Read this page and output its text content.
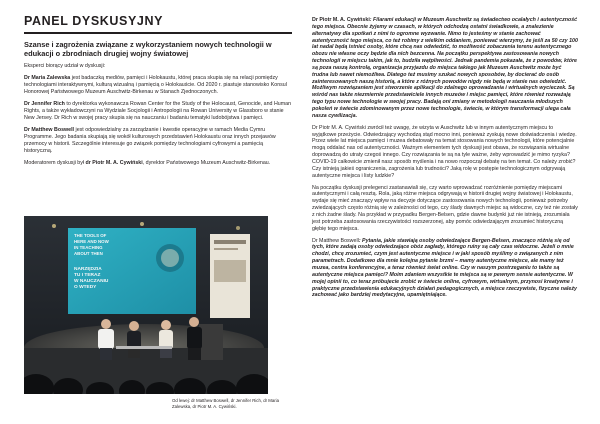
PANEL DYSKUSYJNY

Szanse i zagrożenia związane z wykorzystaniem nowych technologii w edukacji o zbrodniach drugiej wojny światowej

Eksperci biorący udział w dyskusji:

Dr Maria Zalewska jest badaczką mediów, pamięci i Holokaustu, której praca skupia się na relacji pomiędzy technologiami interaktywnymi, kulturą wizualną i pamięcią o Holokauście. Od 2020 r. piastuje stanowisko Konsul Honorowej Państwowego Muzeum Auschwitz-Birkenau w Stanach Zjednoczonych.

Dr Jennifer Rich to dyrektorka wykonawcza Rowan Center for the Study of the Holocaust, Genocide, and Human Rights, a także wykładowczyni na Wydziale Socjologii i Antropologii na Rowan University w Glassboro w stanie New Jersey. Dr Rich w swojej pracy skupia się na nauczaniu i badaniu tematyki ludobójstwa i pamięci.

Dr Matthew Boswell jest odpowiedzialny za zarządzanie i kwestie operacyjne w ramach Media Cymru Programme. Jego badania skupiają się wokół kulturowych przedstawień Holokaustu oraz innych przejawów przemocy w historii. Szczególnie interesuje go związek pomiędzy technologiami cyfrowymi a pamięcią historyczną.

Moderatorem dyskusji był dr Piotr M. A. Cywiński, dyrektor Państwowego Muzeum Auschwitz-Birkenau.

THE TOOLS OF
HERE AND NOW
IN TEACHING
ABOUT THEN
NARZĘDZIA
TU I TERAZ
W NAUCZANIU
O WTEDY
Od lewej: dr Matthew Boswell, dr Jennifer Rich, dr Maria Zalewska, dr Piotr M. A. Cywiński.

Dr Piotr M. A. Cywiński: Filarami edukacji w Muzeum Auschwitz są świadectwo ocalałych i autentyczność tego miejsca. Obecnie żyjemy w czasach, w których odchodzą ostatni świadkowie, a znalezienie alternatywy dla spotkań z nimi to ogromne wyzwanie. Nimo to jesteśmy w stanie zachować autentyczność tego miejsca, co też robimy z wielkim oddaniem, poniewać wierzymy, że jeśli za 50 czy 100 lat nadal będą istnieć osoby, które chcą nas odwiedzić, to możliwość zobaczenia terenu autentycznego obozu nie własne oczy będzie dla nich bezcenna. Na początku perspektywa zastosowania nowych technologii w miejscu takim, jak to, budziła wątpliwości. Jednak pandemia pokazała, że z powodów, które są poza naszą kontrolą, organizacja przyjazdu do miejsca takiego jak Muzeum Auschwitz może być trudna lub nawet niemożliwa. Dlatego też musimy szukać nowych sposobów, by docierać do osób zainteresowanych naszą historią, a które z różnych powodów nigdy nie będą w stanie nas odwiedzić. Możliwym rozwiązaniem jest stworzenie aplikacji do zdalnego oprowadzania i wirtualnych wycieczek. Są wśród nas także niezmiernie przedstawiciele innych muzeów i miejsc pamięci, które również rozważają tego typu nowe technologie w swojej pracy. Badają oni zmiany w metodologii nauczania młodszych pokoleń w świecie zdominowanym przez nowe technologie, świecie, w którym transformacji ulega cała nasza cywilizacja.

Dr Piotr M. A. Cywiński zwrócił też uwagę, że wizyta w Auschwitz lub w innym autentycznym miejscu to wyjątkowe przeżycie. Odwiedzający wychodzą stąd mocno inni, ponieważ zyskują nowe doświadczenia i wiedzę. Przez wiele lat miejsca pamięci i muzea debatowały na temat stosowania nowych technologii, które potencjalnie mogą oddalać nas od autentyczności. Ważnym elementem tych dyskusji jest obawa, że rozwiązania wirtualne doprowadzą do utraty czegoś innego. Czy rozwiązania te są na tyle ważne, żeby wprowadzić je mimo ryzyka? COVID-19 całkowicie zmienił nasz sposób myślenia i na nowo rozpoczął debatę na ten temat. Co należy zrobić? Czy istnieją jakieś ograniczenia, zagrożenia lub trudności? Jaką rolę w postępie technologicznym odgrywają autentyczne miejsca i listy ludzkie?

Na początku dyskusji prelegenci zastanawiali się, czy warto wprowadzać rozróżnienie pomiędzy miejscami autentycznymi i całą resztą. Rola, jaką różne miejsca odgrywają w historii drugiej wojny światowej i Holokaustu, wydaje się mieć znaczący wpływ na decyzje dotyczące zastosowania nowych technologii, ponieważ potrzeby zwiedzających często różnią się w zależności od tego, czy ślady dawnych miejsc są widoczne, czy też nie zostały z nich żadne ślady. Na przykład w przypadku Bergen-Belsen, gdzie dawne budynki już nie istnieją, zrozumiała jest potrzeba zastosowania rzeczywistości rozszerzonej, aby pomóc odwiedzającym zrozumieć historyczną głębię tego miejsca.

Dr Matthew Boswell: Pytania, jakie stawiają osoby odwiedzające Bergen-Belsen, znacząco różnią się od tych, które zadają osoby odwiedzające obóz zagłady, którego ruiny są cały czas widoczne. Jeżeli o mnie chodzi, chcę zrozumieć, czym jest autentyczne miejsce i w jaki sposób myślimy o związanych z nim parametrach. Dodatkowo dla mnie kolejna pytanie brzmi – mamy autentyczne miejsce, ale mamy też muzea, centra konferencyjne, a teraz również świat online. Czy w naszym postrzeganiu to także są autentyczne miejsca pamięci? Moim zdaniem wszystkie te miejsca są w pewnym sensie autentyczne. W mojej opinii to, co teraz próbujecie zrobić w świecie online, cyfrowym, wirtualnym, przynosi kreatywne i praktyczne przedstawienia edukacyjnych działań pedagogicznych, a miejsce rzeczywiste, fizyczne należy zachować jako bardziej medytacyjne, upamiętniające.
